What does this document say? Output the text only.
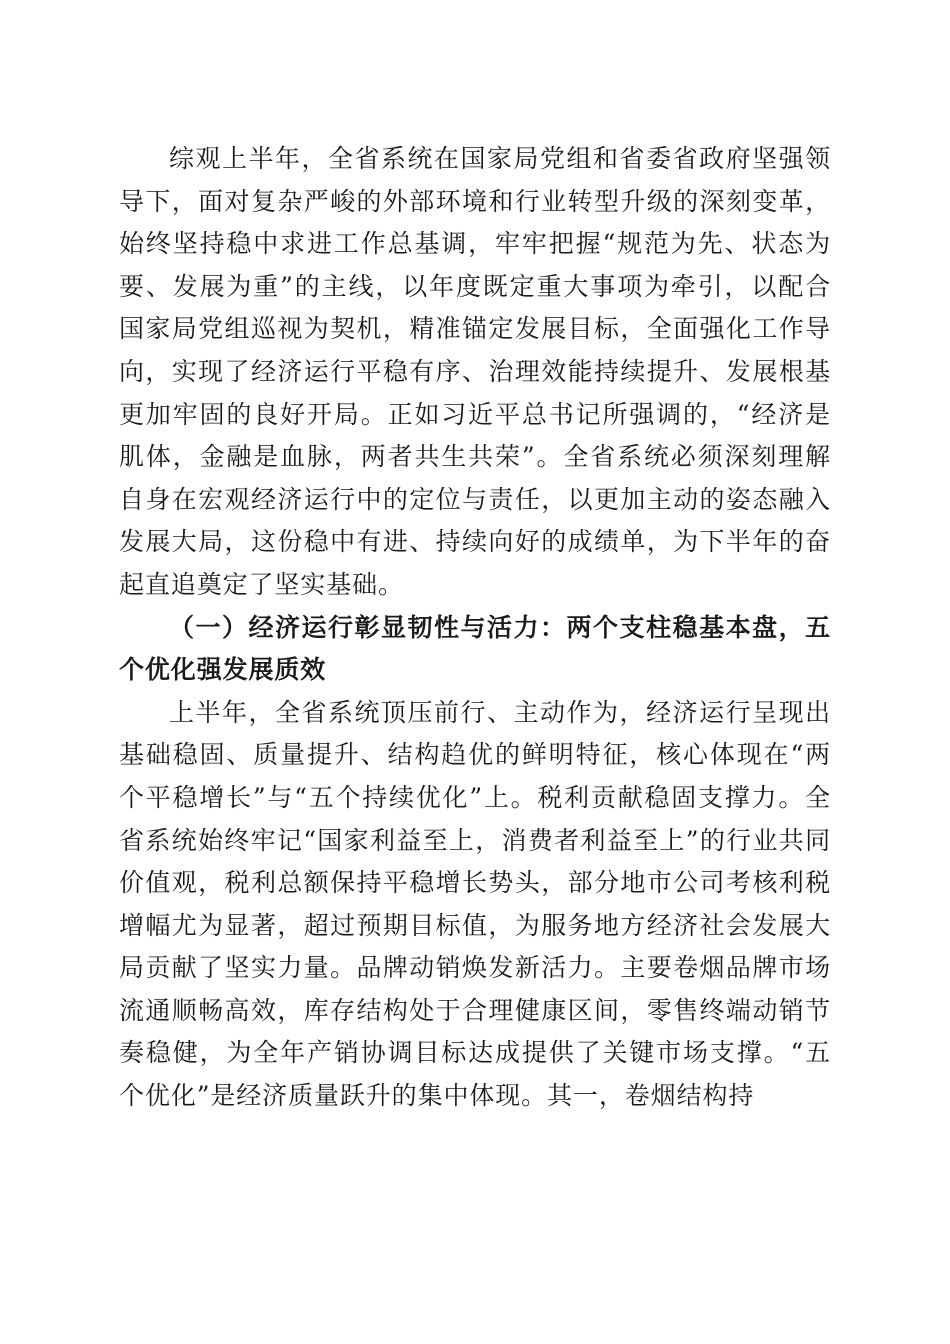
综观上半年，全省系统在国家局党组和省委省政府坚强领导下，面对复杂严峻的外部环境和行业转型升级的深刻变革，始终坚持稳中求进工作总基调，牢牢把握“规范为先、状态为要、发展为重”的主线，以年度既定重大事项为牵引，以配合国家局党组巡视为契机，精准锚定发展目标，全面强化工作导向，实现了经济运行平稳有序、治理效能持续提升、发展根基更加牢固的良好开局。正如习近平总书记所强调的，“经济是肌体，金融是血脉，两者共生共荣”。全省系统必须深刻理解自身在宏观经济运行中的定位与责任，以更加主动的姿态融入发展大局，这份稳中有进、持续向好的成绩单，为下半年的奋起直追奠定了坚实基础。

（一）经济运行彰显韧性与活力：两个支柱稳基本盘，五个优化强发展质效

上半年，全省系统顶压前行、主动作为，经济运行呈现出基础稳固、质量提升、结构趋优的鲜明特征，核心体现在“两个平稳增长”与“五个持续优化”上。税利贡献稳固支撑力。全省系统始终牢记“国家利益至上，消费者利益至上”的行业共同价值观，税利总额保持平稳增长势头，部分地市公司考核利税增幅尤为显著，超过预期目标值，为服务地方经济社会发展大局贡献了坚实力量。品牌动销焕发新活力。主要卷烟品牌市场流通顺畅高效，库存结构处于合理健康区间，零售终端动销节奏稳健，为全年产销协调目标达成提供了关键市场支撑。“五个优化”是经济质量跃升的集中体现。其一，卷烟结构持
